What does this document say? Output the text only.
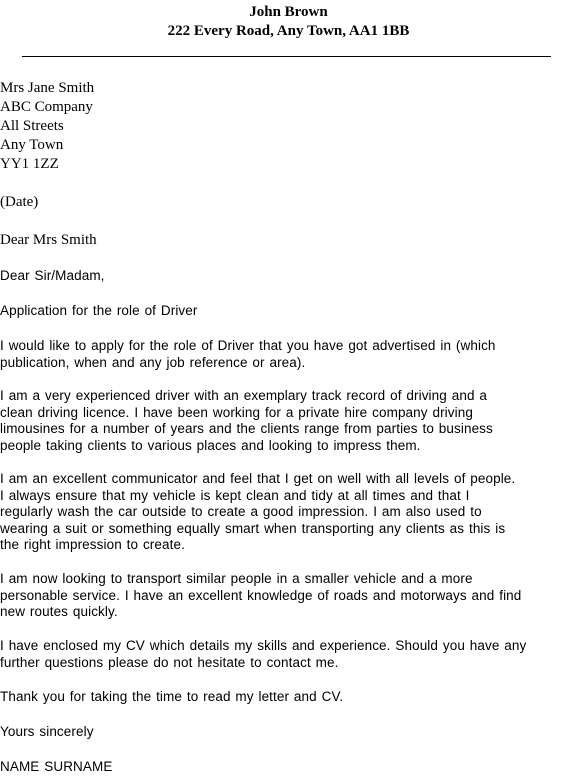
John Brown
222 Every Road, Any Town, AA1 1BB
Mrs Jane Smith
ABC Company
All Streets
Any Town
YY1 1ZZ
(Date)
Dear Mrs Smith
Dear Sir/Madam,
Application for the role of Driver
I would like to apply for the role of Driver that you have got advertised in (which
publication, when and any job reference or area).
I am a very experienced driver with an exemplary track record of driving and a
clean driving licence. I have been working for a private hire company driving
limousines for a number of years and the clients range from parties to business
people taking clients to various places and looking to impress them.
I am an excellent communicator and feel that I get on well with all levels of people.
I always ensure that my vehicle is kept clean and tidy at all times and that I
regularly wash the car outside to create a good impression. I am also used to
wearing a suit or something equally smart when transporting any clients as this is
the right impression to create.
I am now looking to transport similar people in a smaller vehicle and a more
personable service. I have an excellent knowledge of roads and motorways and find
new routes quickly.
I have enclosed my CV which details my skills and experience. Should you have any
further questions please do not hesitate to contact me.
Thank you for taking the time to read my letter and CV.
Yours sincerely
NAME SURNAME
